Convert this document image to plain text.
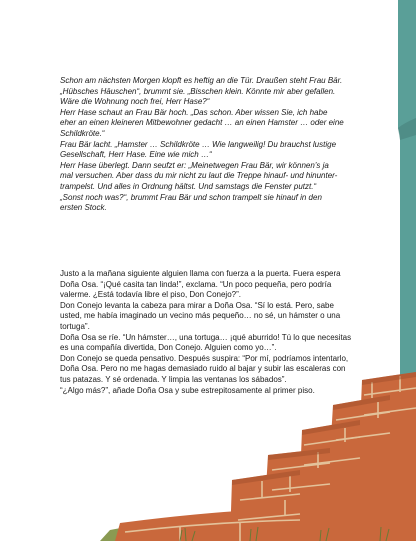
Schon am nächsten Morgen klopft es heftig an die Tür. Draußen steht Frau Bär.

„Hübsches Häuschen“, brummt sie. „Bisschen klein. Könnte mir aber gefallen.

Wäre die Wohnung noch frei, Herr Hase?“

Herr Hase schaut an Frau Bär hoch. „Das schon. Aber wissen Sie, ich habe

eher an einen kleineren Mitbewohner gedacht … an einen Hamster … oder eine

Schildkröte.“

Frau Bär lacht. „Hamster … Schildkröte … Wie langweilig! Du brauchst lustige

Gesellschaft, Herr Hase. Eine wie mich …“

Herr Hase überlegt. Dann seufzt er: „Meinetwegen Frau Bär, wir können’s ja

mal versuchen. Aber dass du mir nicht zu laut die Treppe hinauf- und hinunter-

trampelst. Und alles in Ordnung hältst. Und samstags die Fenster putzt.“

„Sonst noch was?“, brummt Frau Bär und schon trampelt sie hinauf in den

ersten Stock.

Justo a la mañana siguiente alguien llama con fuerza a la puerta. Fuera espera

Doña Osa. “¡Qué casita tan linda!”, exclama. “Un poco pequeña, pero podría

valerme. ¿Está todavía libre el piso, Don Conejo?”.

Don Conejo levanta la cabeza para mirar a Doña Osa. “Sí lo está. Pero, sabe

usted, me había imaginado un vecino más pequeño… no sé, un hámster o una

tortuga”.

Doña Osa se ríe. “Un hámster…, una tortuga… ¡qué aburrido! Tú lo que necesitas

es una compañía divertida, Don Conejo. Alguien como yo…”.

Don Conejo se queda pensativo. Después suspira: “Por mí, podríamos intentarlo,

Doña Osa. Pero no me hagas demasiado ruido al bajar y subir las escaleras con

tus patazas. Y sé ordenada. Y limpia las ventanas los sábados”.

“¿Algo más?”, añade Doña Osa y sube estrepitosamente al primer piso.
